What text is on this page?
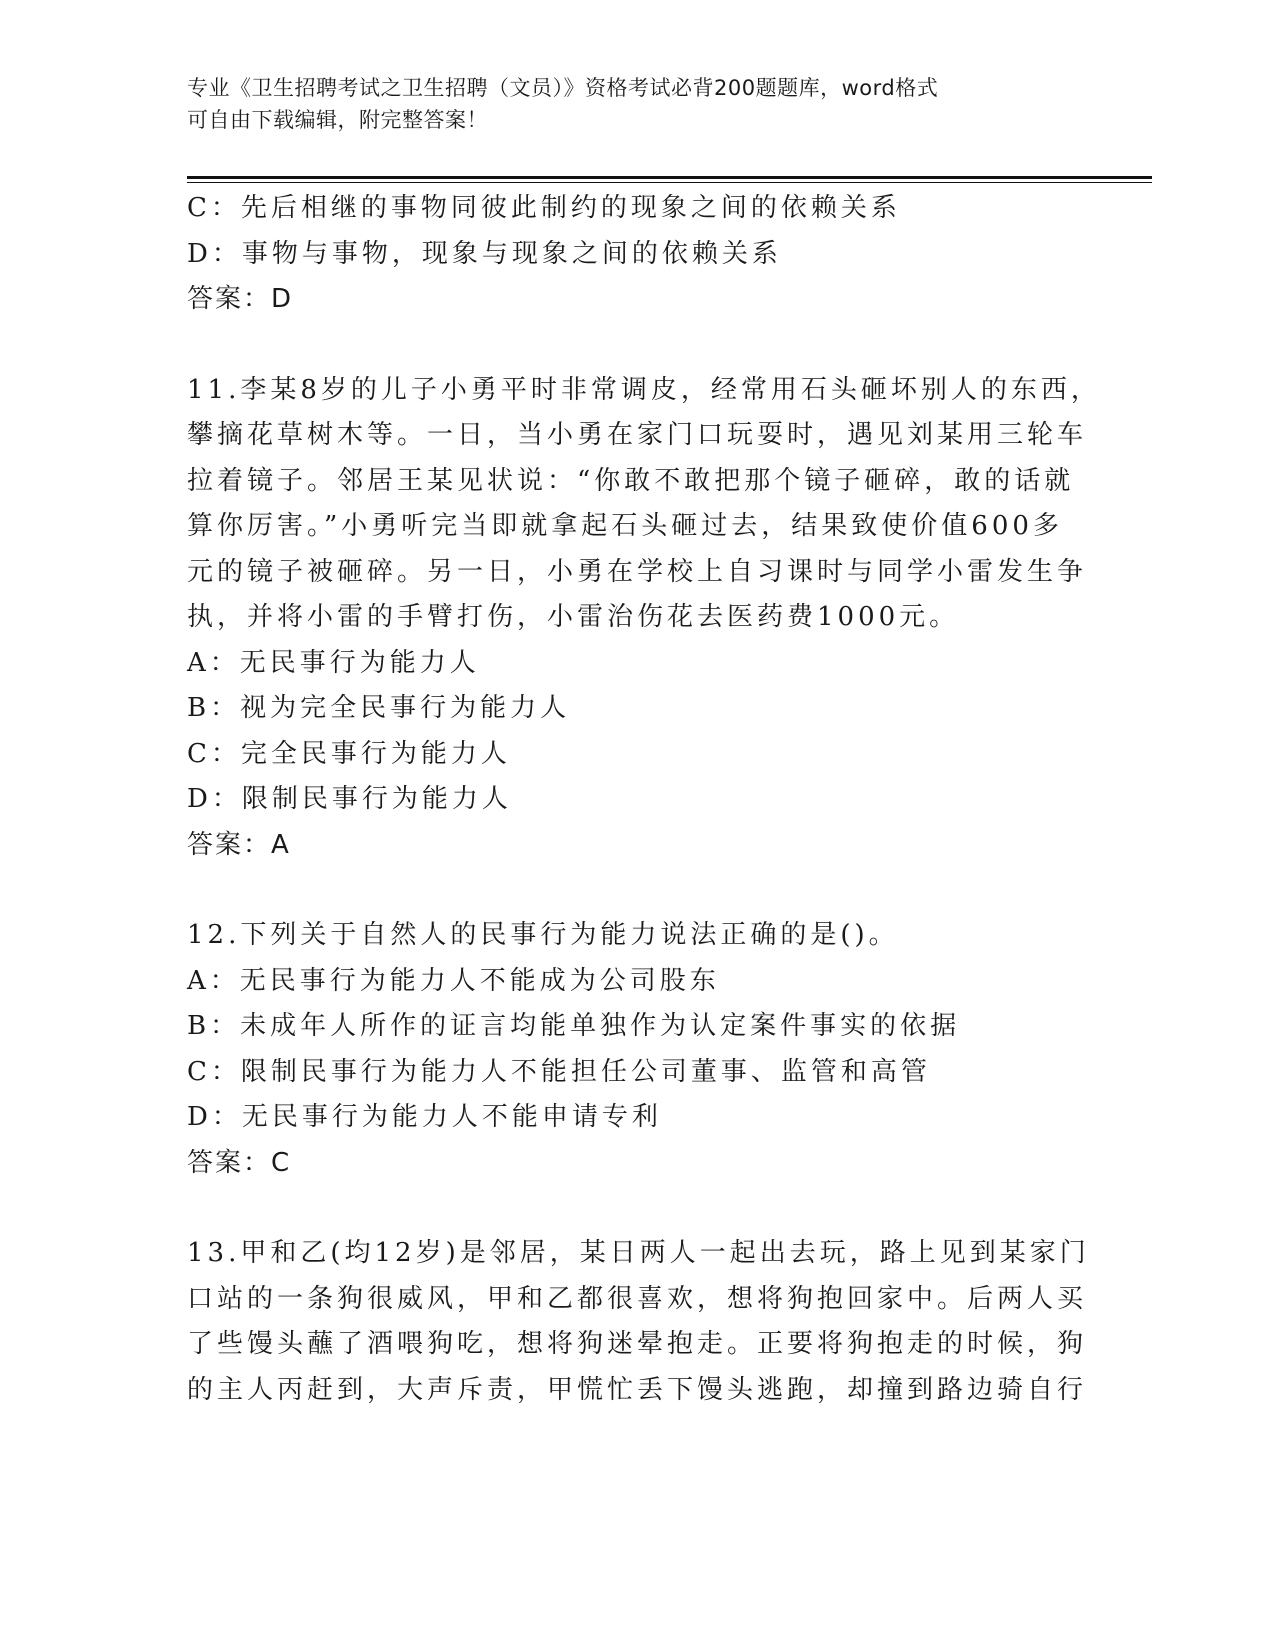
专业《卫生招聘考试之卫生招聘（文员）》资格考试必背200题题库，word格式
可自由下载编辑，附完整答案！
C：先后相继的事物同彼此制约的现象之间的依赖关系
D：事物与事物，现象与现象之间的依赖关系
答案：D
11.李某8岁的儿子小勇平时非常调皮，经常用石头砸坏别人的东西，
攀摘花草树木等。一日，当小勇在家门口玩耍时，遇见刘某用三轮车
拉着镜子。邻居王某见状说：“你敢不敢把那个镜子砸碎，敢的话就
算你厉害。”小勇听完当即就拿起石头砸过去，结果致使价值600多
元的镜子被砸碎。另一日，小勇在学校上自习课时与同学小雷发生争
执，并将小雷的手臂打伤，小雷治伤花去医药费1000元。
A：无民事行为能力人
B：视为完全民事行为能力人
C：完全民事行为能力人
D：限制民事行为能力人
答案：A
12.下列关于自然人的民事行为能力说法正确的是()。
A：无民事行为能力人不能成为公司股东
B：未成年人所作的证言均能单独作为认定案件事实的依据
C：限制民事行为能力人不能担任公司董事、监管和高管
D：无民事行为能力人不能申请专利
答案：C
13.甲和乙(均12岁)是邻居，某日两人一起出去玩，路上见到某家门
口站的一条狗很威风，甲和乙都很喜欢，想将狗抱回家中。后两人买
了些馒头蘸了酒喂狗吃，想将狗迷晕抱走。正要将狗抱走的时候，狗
的主人丙赶到，大声斥责，甲慌忙丢下馒头逃跑，却撞到路边骑自行
